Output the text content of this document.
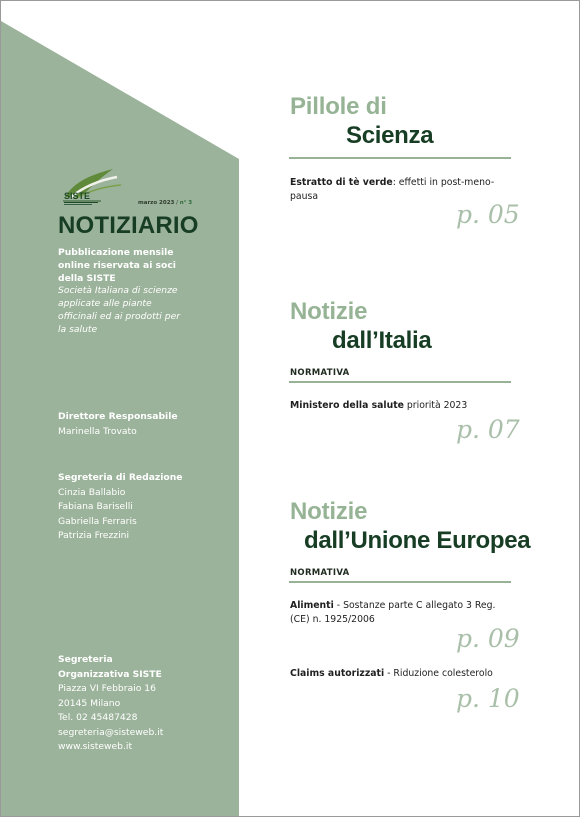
SISTE
marzo 2023 / n° 3
NOTIZIARIO
Pubblicazione mensile
online riservata ai soci
della SISTE
Società Italiana di scienze
applicate alle piante
officinali ed ai prodotti per
la salute
Direttore Responsabile
Marinella Trovato
Segreteria di Redazione
Cinzia Ballabio
Fabiana Bariselli
Gabriella Ferraris
Patrizia Frezzini
Segreteria
Organizzativa SISTE
Piazza VI Febbraio 16
20145 Milano
Tel. 02 45487428
segreteria@sisteweb.it
www.sisteweb.it
Pillole di
Scienza
Estratto di tè verde: effetti in post-meno-
pausa
p. 05
Notizie
dall’Italia
NORMATIVA
Ministero della salute priorità 2023
p. 07
Notizie
dall’Unione Europea
NORMATIVA
Alimenti - Sostanze parte C allegato 3 Reg.
(CE) n. 1925/2006
p. 09
Claims autorizzati - Riduzione colesterolo
p. 10
